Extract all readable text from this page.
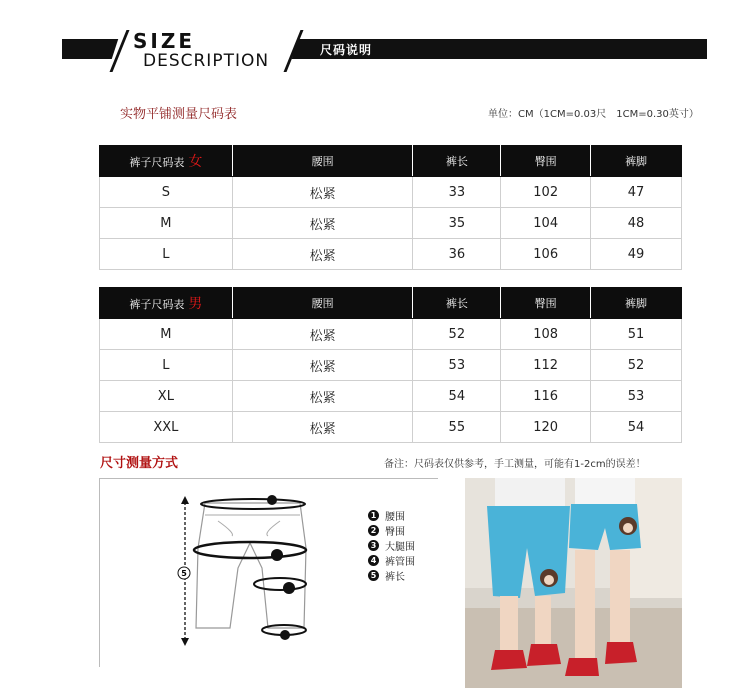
SIZE
DESCRIPTION
尺码说明
实物平铺测量尺码表	单位：CM（1CM=0.03尺　1CM=0.30英寸）
裤子尺码表 女	腰围	裤长	臀围	裤脚
S	松紧	33	102	47
M	松紧	35	104	48
L	松紧	36	106	49
裤子尺码表 男	腰围	裤长	臀围	裤脚
M	松紧	52	108	51
L	松紧	53	112	52
XL	松紧	54	116	53
XXL	松紧	55	120	54
尺寸测量方式	备注：尺码表仅供参考，手工测量，可能有1-2cm的误差！
5
1 腰围
2 臀围
3 大腿围
4 裤管围
5 裤长
